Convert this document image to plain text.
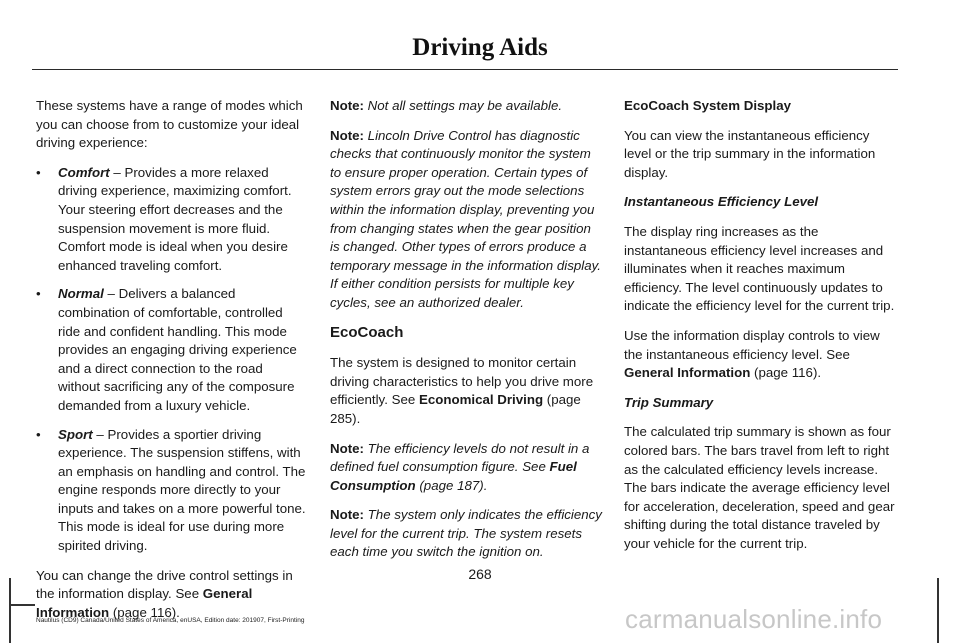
Driving Aids

These systems have a range of modes which you can choose from to customize your ideal driving experience:

• Comfort – Provides a more relaxed driving experience, maximizing comfort. Your steering effort decreases and the suspension movement is more fluid. Comfort mode is ideal when you desire enhanced traveling comfort.
• Normal – Delivers a balanced combination of comfortable, controlled ride and confident handling. This mode provides an engaging driving experience and a direct connection to the road without sacrificing any of the composure demanded from a luxury vehicle.
• Sport – Provides a sportier driving experience. The suspension stiffens, with an emphasis on handling and control. The engine responds more directly to your inputs and takes on a more powerful tone. This mode is ideal for use during more spirited driving.

You can change the drive control settings in the information display. See General Information (page 116).

Note: Not all settings may be available.

Note: Lincoln Drive Control has diagnostic checks that continuously monitor the system to ensure proper operation. Certain types of system errors gray out the mode selections within the information display, preventing you from changing states when the gear position is changed. Other types of errors produce a temporary message in the information display. If either condition persists for multiple key cycles, see an authorized dealer.

EcoCoach

The system is designed to monitor certain driving characteristics to help you drive more efficiently. See Economical Driving (page 285).

Note: The efficiency levels do not result in a defined fuel consumption figure. See Fuel Consumption (page 187).

Note: The system only indicates the efficiency level for the current trip. The system resets each time you switch the ignition on.

EcoCoach System Display

You can view the instantaneous efficiency level or the trip summary in the information display.

Instantaneous Efficiency Level

The display ring increases as the instantaneous efficiency level increases and illuminates when it reaches maximum efficiency. The level continuously updates to indicate the efficiency level for the current trip.

Use the information display controls to view the instantaneous efficiency level. See General Information (page 116).

Trip Summary

The calculated trip summary is shown as four colored bars. The bars travel from left to right as the calculated efficiency levels increase. The bars indicate the average efficiency level for acceleration, deceleration, speed and gear shifting during the total distance traveled by your vehicle for the current trip.

268
Nautilus (CD9) Canada/United States of America, enUSA, Edition date: 201907, First-Printing	carmanualsonline.info
